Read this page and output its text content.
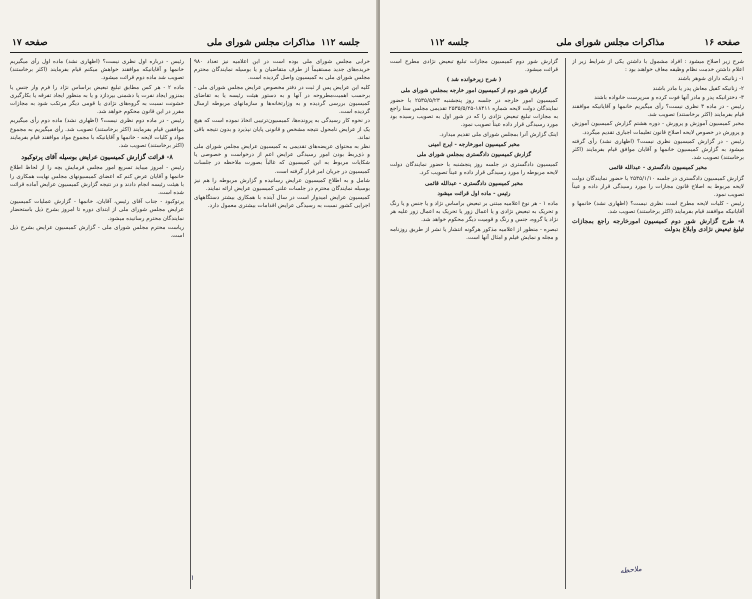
صفحه ۱۷	مذاکرات مجلس شورای ملی جلسه ۱۱۲

خرابی مجلس شورای ملی بوده است در این اعلامیه نیز تعداد ۹۸۰ خریده‌های جدید مستقیماً از طرف متقاضیان و یا بوسیله نمایندگان محترم مجلس شورای ملی به کمیسیون واصل گردیده است.

کلیه این عرایض پس از ثبت در دفتر مخصوص عرایض مجلس شورای ملی - برحسب اهمیت‌مطروحه در آنها و به دستور هیئت رئیسه یا به تقاضای کمیسیون بررسی گردیده و به وزارتخانه‌ها و سازمانهای مربوطه ارسال گردیده است.

در نحوه کار رسیدگی به پرونده‌ها، کمیسیون‌ترتیبی اتخاذ نموده است که هیچ یک از عرایض نامحول نتیجه مشخص و قانونی پایان نپذیرد و بدون نتیجه باقی نماند.

نظر به محتوای عریضه‌های تقدیمی به کمیسیون عرایض مجلس شورای ملی و ذی‌ربط بودن امور رسیدگی عرایض اعم از درخواست و خصوصی یا شکایات مربوط به این کمیسیون که غالباً بصورت ملاحظه در جلسات کمیسیون در جریان امر قرار گرفته است.

شامل و به اطلاع کمیسیون عرایض رسانیده و گزارش مربوطه را هم نیز بوسیله نمایندگان محترم در جلسات علنی کمیسیون عرایض ارائه نمایند.

کمیسیون عرایض امیدوار است در سال آینده با همکاری بیشتر دستگاههای اجرایی کشور نسبت به رسیدگی عرایض اقدامات بیشتری معمول دارد.

رئیس - درباره اول نظری نیست؟ (اظهاری نشد) ماده اول رأی میگیریم خانمها و آقایانیکه موافقند خواهش میکنم قیام بفرمایند (اکثر برخاستند) تصویب شد ماده دوم قرائت میشود.

ماده ۲ - هر کس مطابق تبلیغ تبعیض براساس نژاد را فرم وار جنس یا بمنزور ایجاد نفرت یا دشمنی بپردازد و یا به منظور ایجاد تفرقه یا بکارگیری خشونت نسبت به گروه‌های نژادی یا قومی دیگر مرتکب شود به مجازات مقرر در این قانون محکوم خواهد شد.

رئیس - در ماده دوم نظری نیست؟ (اظهاری نشد) ماده دوم رأی میگیریم موافقین قیام بفرمایند (اکثر برخاستند) تصویب شد. رأی میگیریم به مجموع مواد و کلیات لایحه - خانمها و آقایانیکه با مجموع مواد موافقند قیام بفرمایند (اکثر برخاستند) تصویب شد.

۸- قرائت گزارش کمیسیون عرایض بوسیله آقای پرتوکبود

رئیس - امروز میباید تسریع امور مجلس فرمایش بچه را از لحاظ اطلاع خانمها و آقایان عرض کنم که اعضای کمیسیونهای مجلس نهایت همکاری را با هیئت رئیسه انجام دادند و در نتیجه گزارش کمیسیون عرایض آماده قرائت شده است.

پرتوکبود - جناب آقای رئیس، آقایان، خانمها - گزارش عملیات کمیسیون عرایض مجلس شورای ملی از ابتدای دوره تا امروز بشرح ذیل باستحضار نمایندگان محترم رسانیده میشود.

ریاست محترم مجلس شورای ملی - گزارش کمیسیون عرایض بشرح ذیل است.

۱
صفحه ۱۶
مذاکرات مجلس شورای ملی
جلسه ۱۱۲

شرح زیر اصلاح میشود : افراد مشمول با داشتن یکی از شرایط زیر از اعلام داشتن خدمت نظام وظیفه معاف خواهند بود :

۱- زنانیکه دارای شوهر باشند

۲- زنانیکه کفیل معاش پدر یا مادر باشند

۳- دخترانیکه پدر و مادر آنها فوت کرده و سرپرست خانواده باشند

رئیس - در ماده ۳ نظری نیست؟ رأی میگیریم خانمها و آقایانیکه موافقند قیام بفرمایند (اکثر برخاستند) تصویب شد.

مخبر کمیسیون آموزش و پرورش - دوره هشتم گزارش کمیسیون آموزش و پرورش در خصوص لایحه اصلاح قانون تعلیمات اجباری تقدیم میگردد.

رئیس - در گزارش کمیسیون نظری نیست؟ (اظهاری نشد) رأی گرفته میشود به گزارش کمیسیون خانمها و آقایان موافق قیام بفرمایند (اکثر برخاستند) تصویب شد.

مخبر کمیسیون دادگستری - عبدالله قائمی

گزارش کمیسیون دادگستری در جلسه ۲۵۳۵/۱/۱۰ با حضور نمایندگان دولت لایحه مربوط به اصلاح قانون مجازات را مورد رسیدگی قرار داده و عیناً تصویب نمود.

رئیس - کلیات لایحه مطرح است نظری نیست؟ (اظهاری نشد) خانمها و آقایانیکه موافقند قیام بفرمایند (اکثر برخاستند) تصویب شد.

۸- طرح گزارش شور دوم کمیسیون امورخارجه راجع بمجازات تبلیغ تبعیض نژادی وابلاغ بدولت

گزارش شور دوم کمیسیون مجازات تبلیغ تبعیض نژادی مطرح است قرائت میشود.

( شرح زیرخوانده شد )

گزارش شور دوم از کمیسیون امور خارجه بمجلس شورای ملی

کمیسیون امور خارجه در جلسه روز پنجشنبه ۲۵۳۵/۵/۲۳ با حضور نمایندگان دولت لایحه شماره ۱۸۴۱۱-۲۵۳۵/۵/۲۵ تقدیمی مجلس سنا راجع به مجازات تبلیغ تبعیض نژادی را که در شور اول به تصویب رسیده بود مورد رسیدگی قرار داده عیناً تصویب نمود.

اینک گزارش آنرا بمجلس شورای ملی تقدیم میدارد.

مخبر کمیسیون امورخارجه - ایرج امینی

گزارش کمیسیون دادگستری بمجلس شورای ملی

کمیسیون دادگستری در جلسه روز پنجشنبه با حضور نمایندگان دولت لایحه مربوطه را مورد رسیدگی قرار داده و عیناً تصویب کرد.

مخبر کمیسیون دادگستری - عبدالله قائمی

رئیس - ماده اول قرائت میشود

ماده ۱ - هر نوع اعلامیه مبتنی بر تبعیض براساس نژاد و یا جنس و یا رنگ و تحریک به تبعیض نژادی و یا اعمال زور یا تحریک به اعمال زور علیه هر نژاد یا گروه، جنس و رنگ و قومیت دیگر محکوم خواهد شد.

تبصره - منظور از اعلامیه مذکور هرگونه انتشار یا نشر از طریق روزنامه و مجله و نمایش فیلم و امثال آنها است.

ملاحظه
